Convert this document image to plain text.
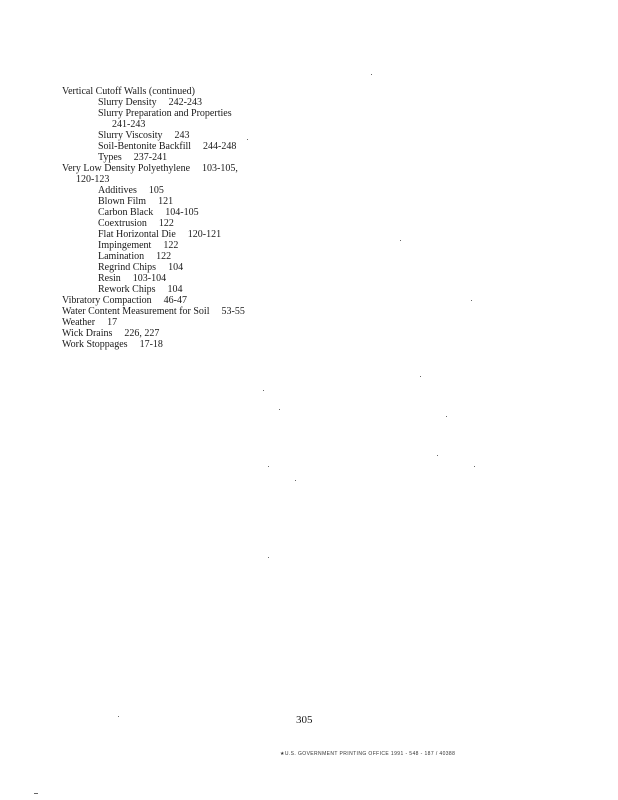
Vertical Cutoff Walls (continued)
Slurry Density 242-243
Slurry Preparation and Properties
241-243
Slurry Viscosity 243
Soil-Bentonite Backfill 244-248
Types 237-241
Very Low Density Polyethylene 103-105,
120-123
Additives 105
Blown Film 121
Carbon Black 104-105
Coextrusion 122
Flat Horizontal Die 120-121
Impingement 122
Lamination 122
Regrind Chips 104
Resin 103-104
Rework Chips 104
Vibratory Compaction 46-47
Water Content Measurement for Soil 53-55
Weather 17
Wick Drains 226, 227
Work Stoppages 17-18
305
★U.S. GOVERNMENT PRINTING OFFICE 1991 - 548 - 187 / 40388
